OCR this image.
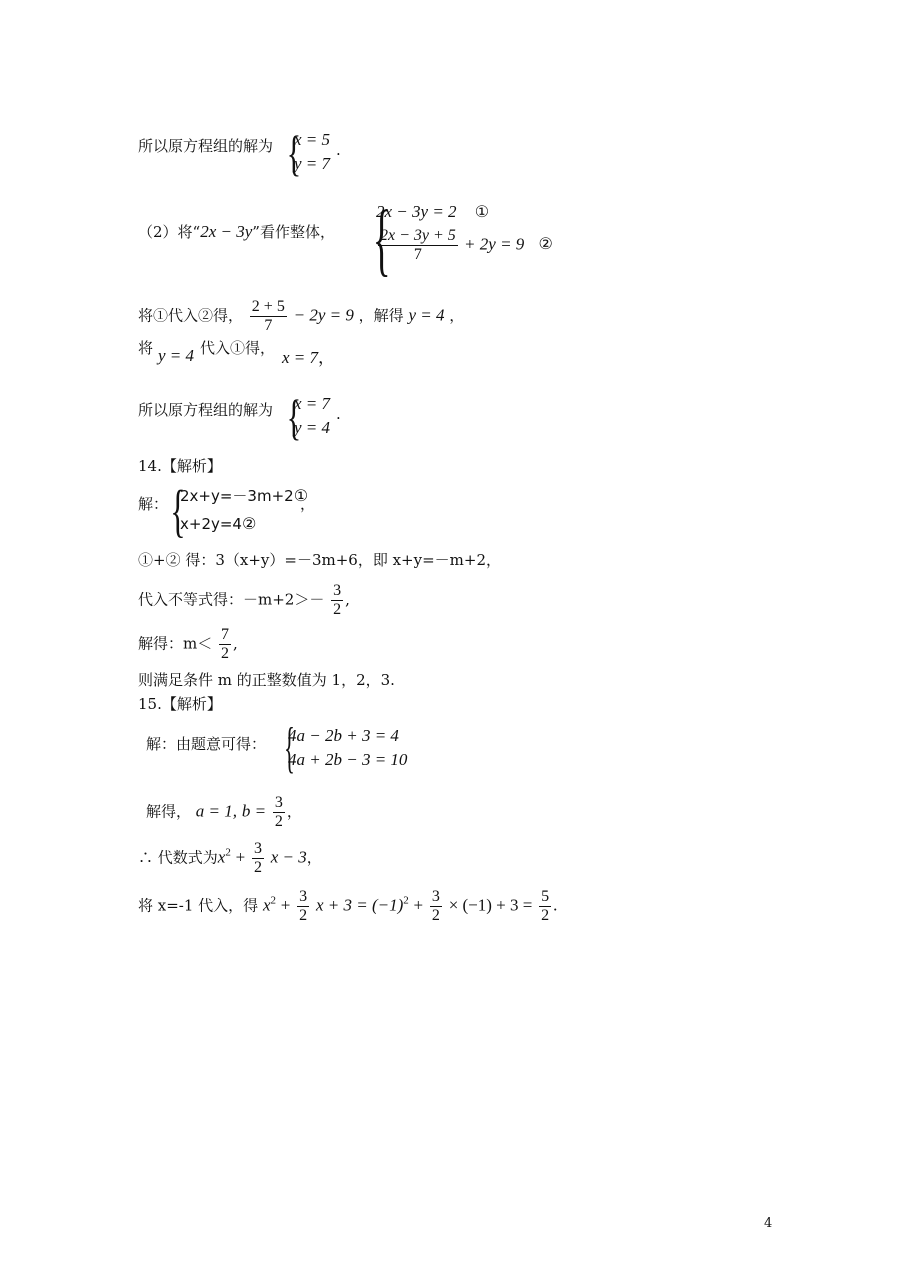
所以原方程组的解为 {
x = 5
y = 7
.
（2）将“2x − 3y”看作整体， {
2x − 3y = 2 ①
$\frac{2x - 3y + 5}{7} + 2y = 9$ ②
将①代入②得， $\frac{2 + 5}{7} - 2y = 9$ ，解得 y = 4 ，
将 y = 4 代入①得， x = 7，
所以原方程组的解为 {
x = 7
y = 4
.
14.【解析】
解： {
2x+y=－3m+2①
x+2y=4②
，
①+② 得：3（x+y）=－3m+6，即 x+y=－m+2，
代入不等式得：$-m+2>- \frac{3}{2}$ ,
解得：$m< \frac{7}{2}$ ,
则满足条件 m 的正整数值为 1，2，3.
15.【解析】
解：由题意可得： {
4a − 2b + 3 = 4
4a + 2b − 3 = 10
解得， a = 1, $b = \frac{3}{2}$ ，
∴ 代数式为$x^2 + \frac{3}{2}$ x − 3，
将 x=-1 代入，得 $x^2 + \frac{3}{2}$ $x + 3 = (-1)^2 + \frac{3}{2} \times (-1) + 3 = \frac{5}{2}$ .
4
